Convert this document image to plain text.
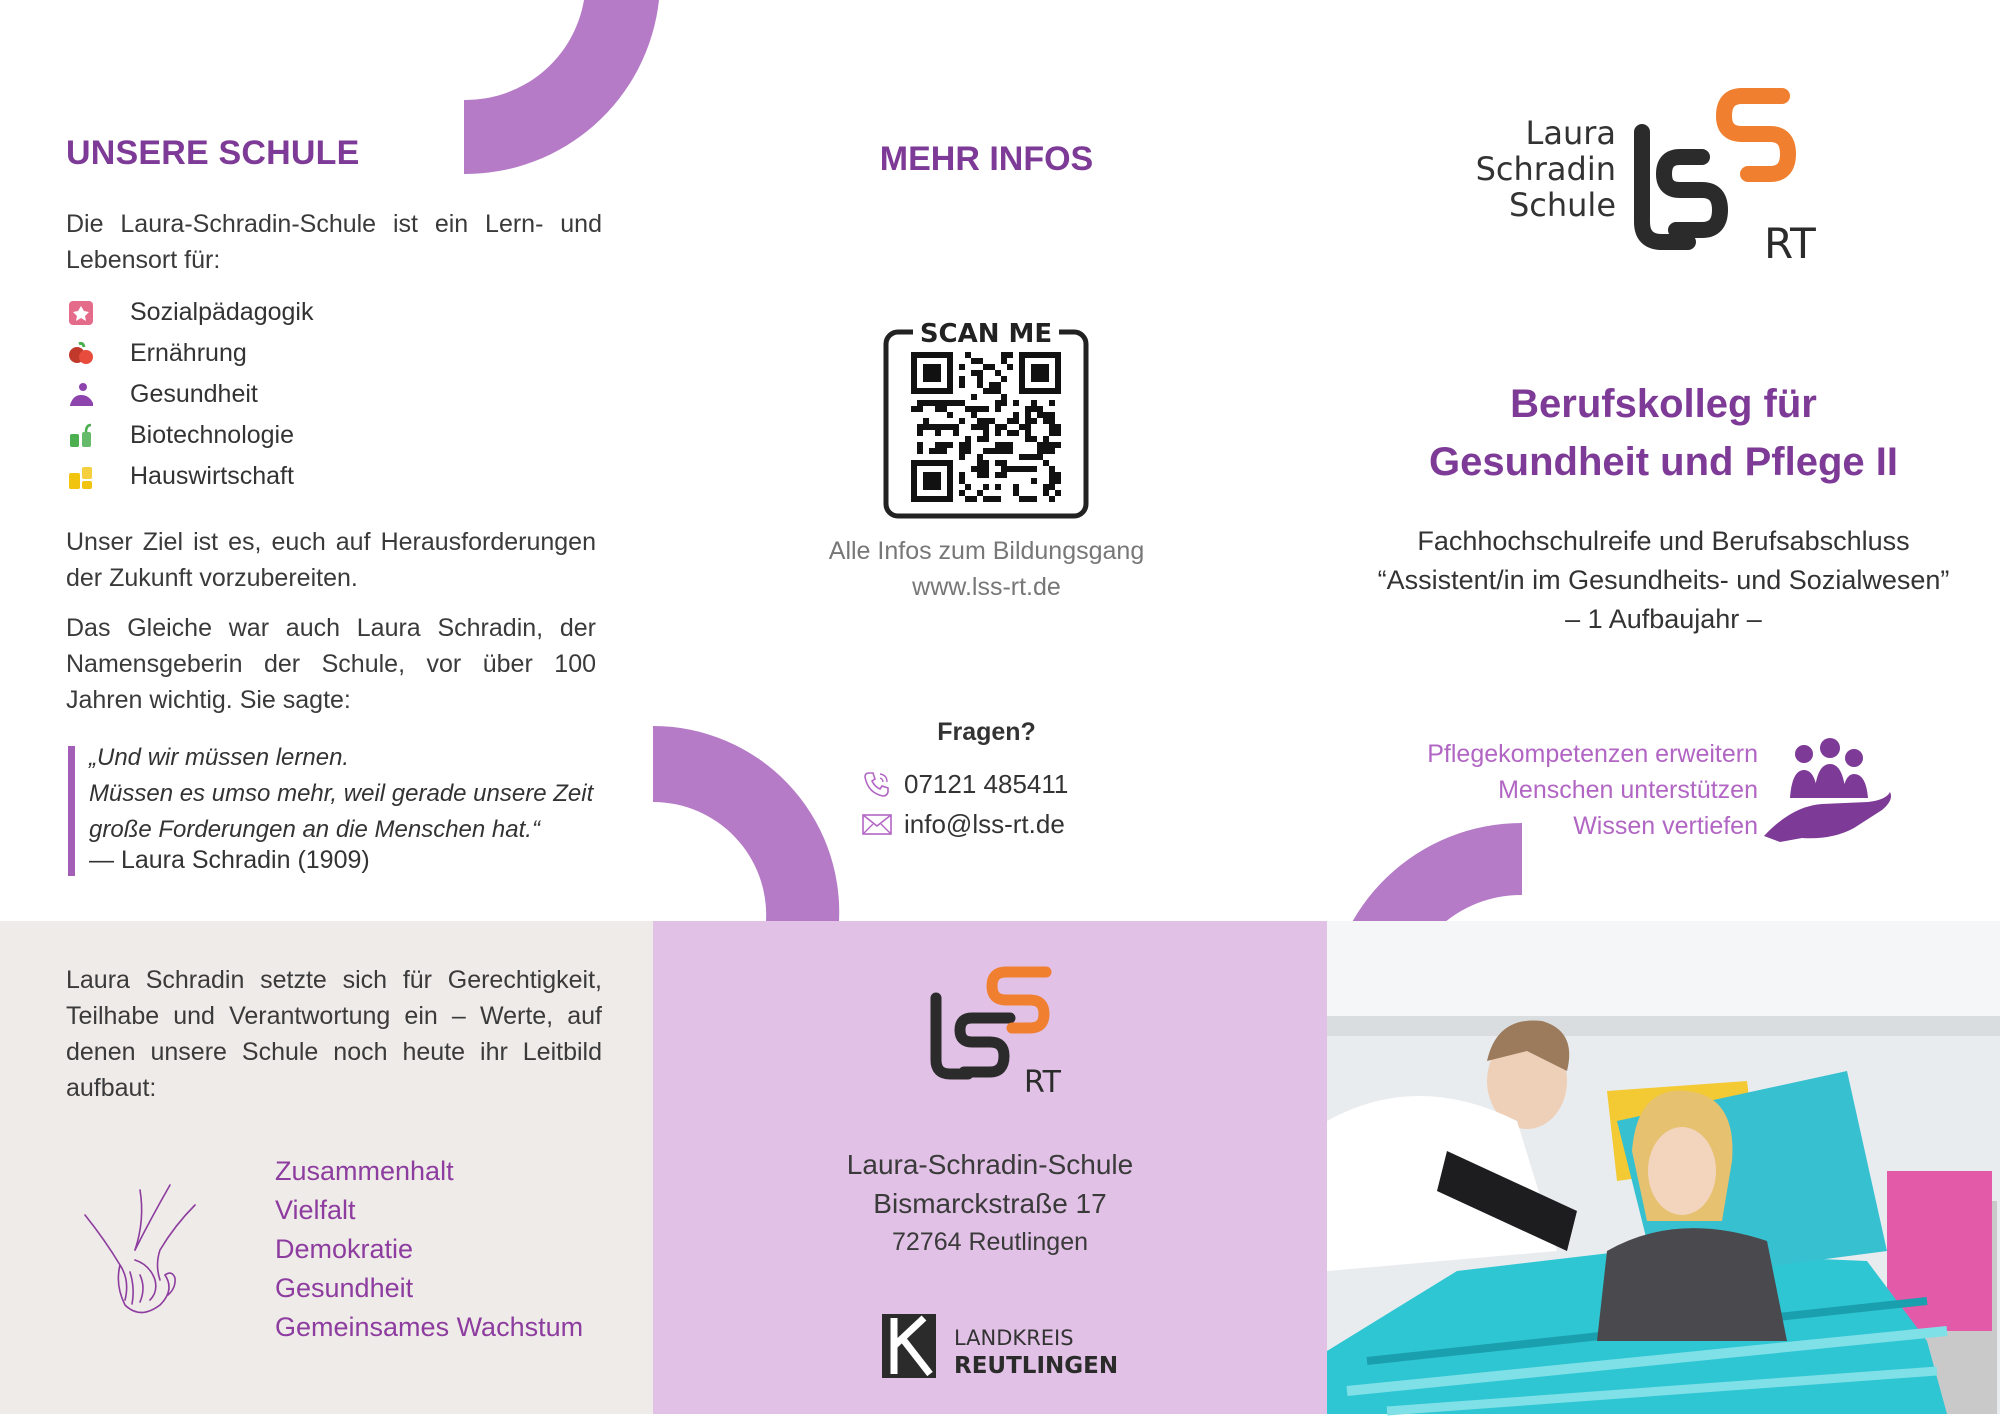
UNSERE SCHULE
Die Laura-Schradin-Schule ist ein Lern- und Lebensort für:
Sozialpädagogik
Ernährung
Gesundheit
Biotechnologie
Hauswirtschaft
Unser Ziel ist es, euch auf Herausforderungen der Zukunft vorzubereiten.
Das Gleiche war auch Laura Schradin, der Namensgeberin der Schule, vor über 100 Jahren wichtig. Sie sagte:
„Und wir müssen lernen.
Müssen es umso mehr, weil gerade unsere Zeit
große Forderungen an die Menschen hat.“
— Laura Schradin (1909)
Laura Schradin setzte sich für Gerechtigkeit, Teilhabe und Verantwortung ein – Werte, auf denen unsere Schule noch heute ihr Leitbild aufbaut:
Zusammenhalt
Vielfalt
Demokratie
Gesundheit
Gemeinsames Wachstum
MEHR INFOS
SCAN ME
Alle Infos zum Bildungsgang
www.lss-rt.de
Fragen?
07121 485411
info@lss-rt.de
RT
Laura-Schradin-Schule
Bismarckstraße 17
72764 Reutlingen
LANDKREIS
REUTLINGEN
Laura
Schradin
Schule
RT
Berufskolleg für
Gesundheit und Pflege II
Fachhochschulreife und Berufsabschluss
“Assistent/in im Gesundheits- und Sozialwesen”
– 1 Aufbaujahr –
Pflegekompetenzen erweitern
Menschen unterstützen
Wissen vertiefen
